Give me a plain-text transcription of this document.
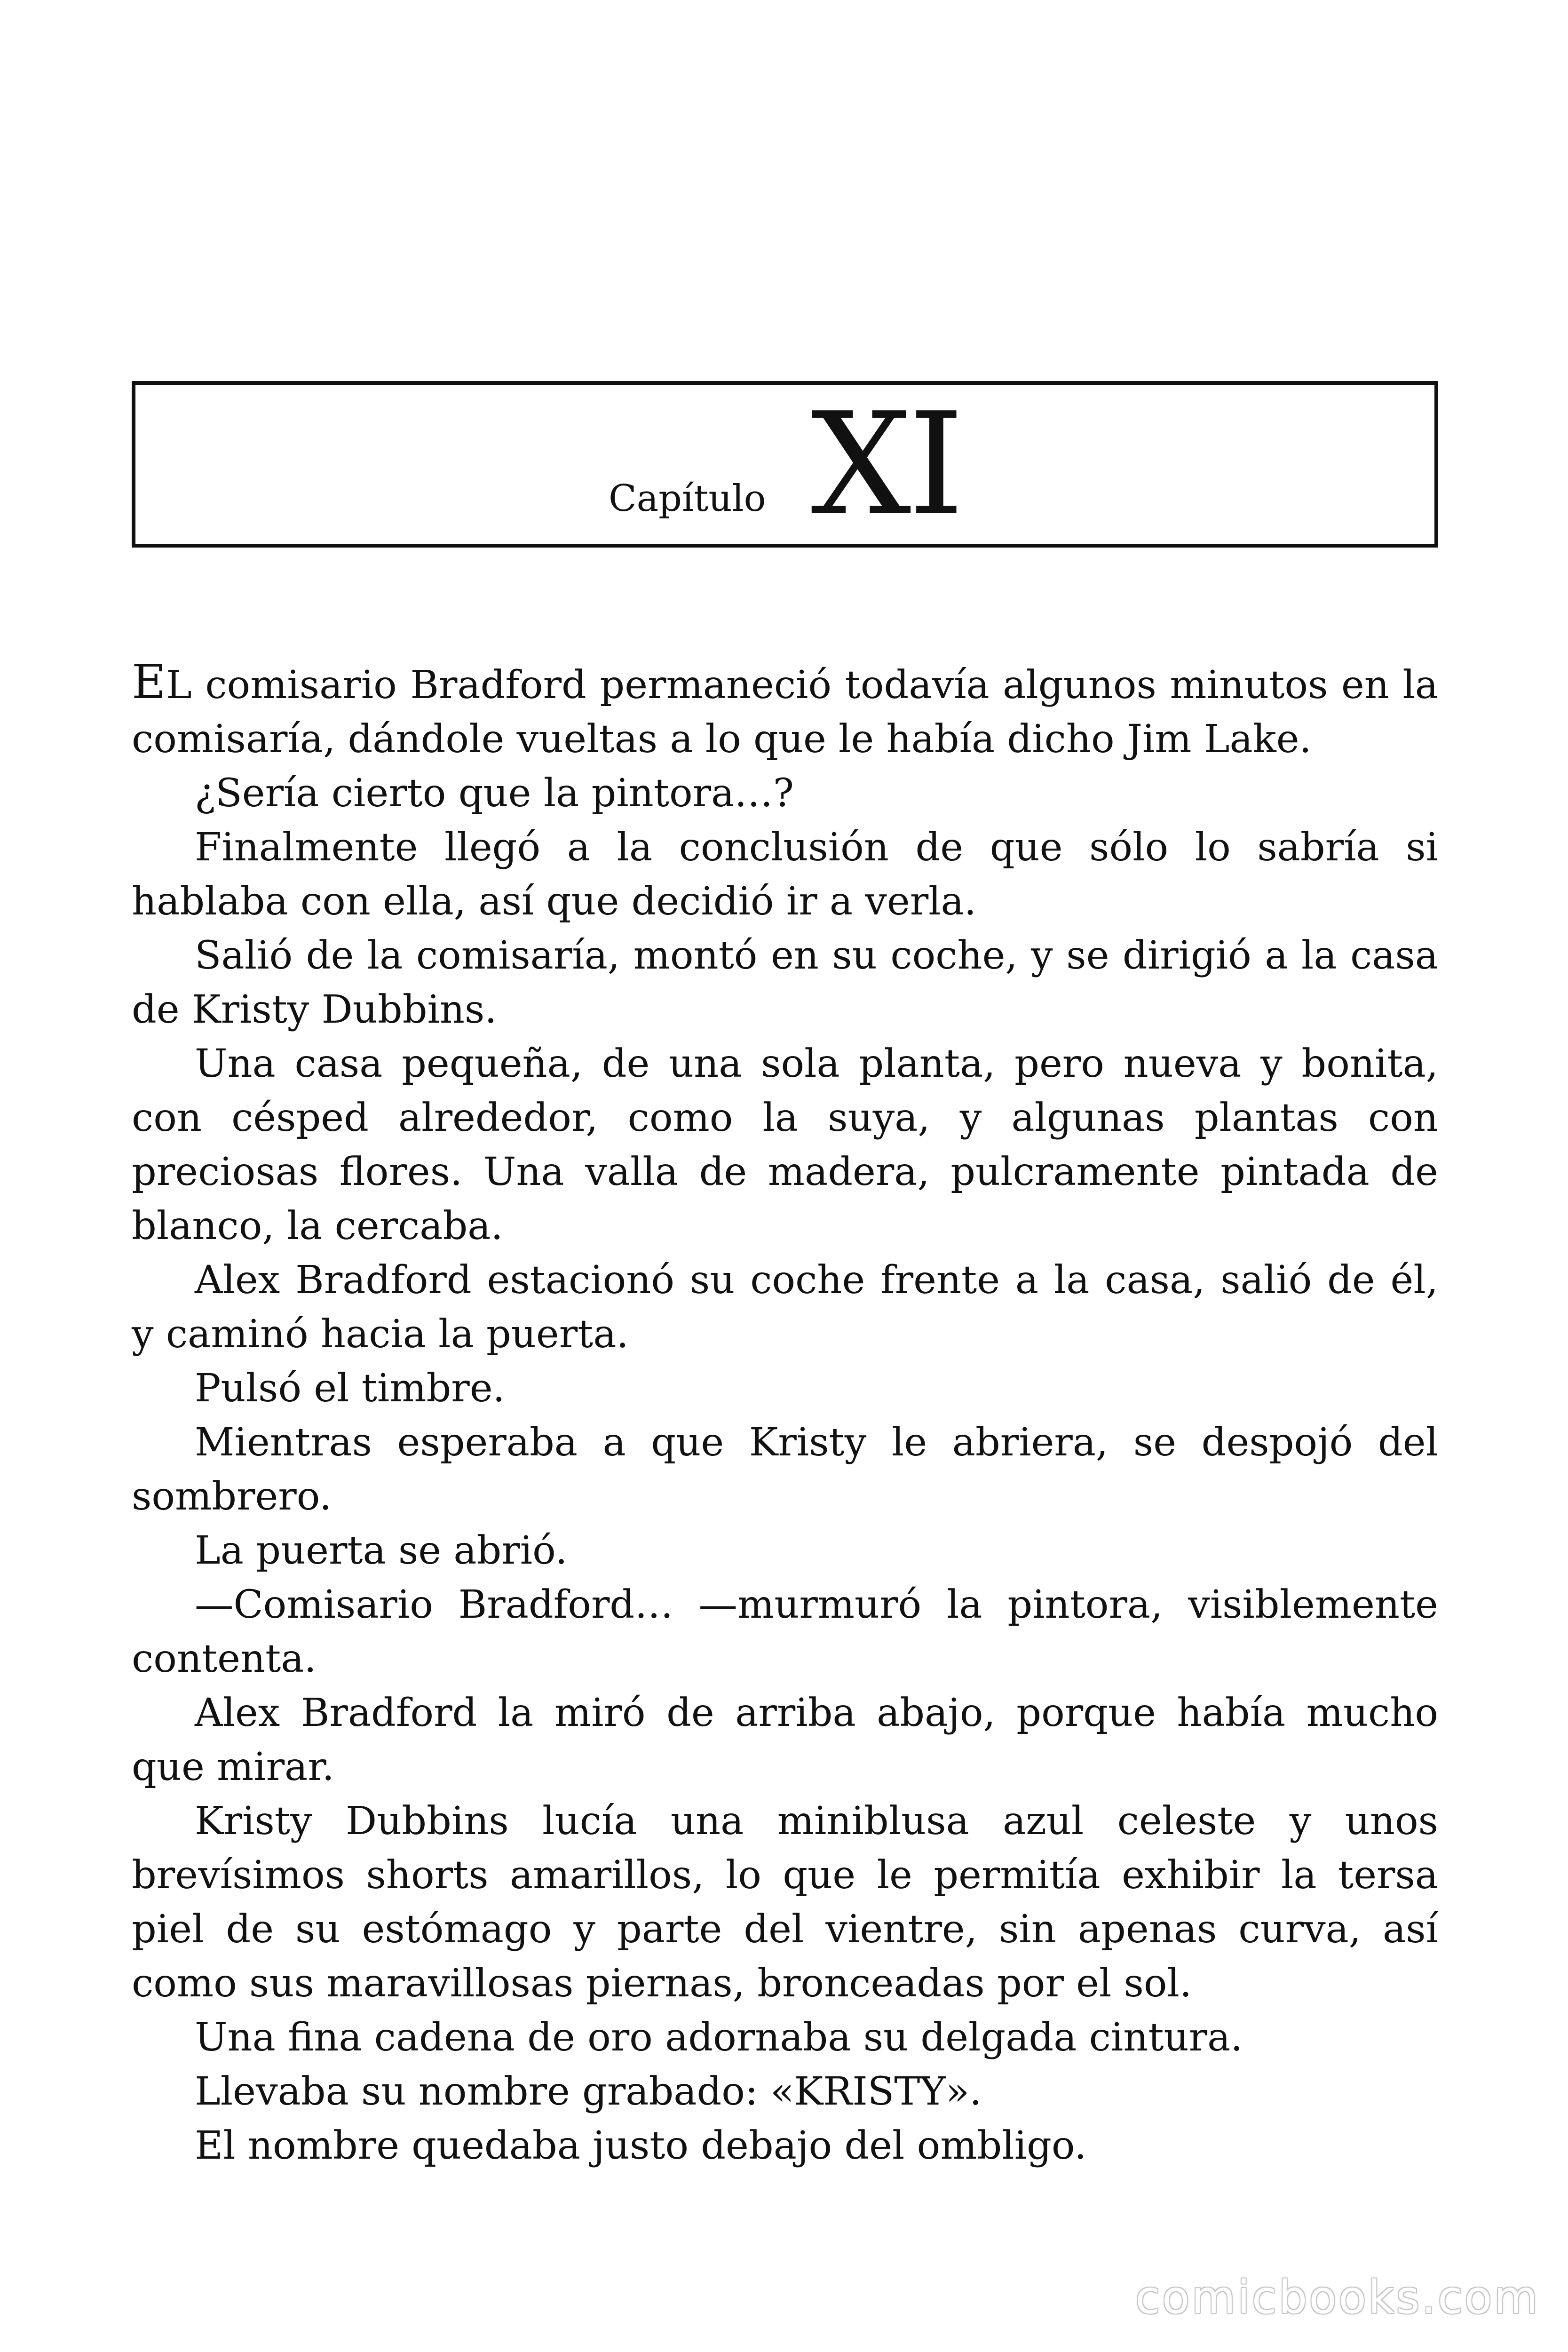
Capítulo XI

EL comisario Bradford permaneció todavía algunos minutos en la comisaría, dándole vueltas a lo que le había dicho Jim Lake.

¿Sería cierto que la pintora…?

Finalmente llegó a la conclusión de que sólo lo sabría si hablaba con ella, así que decidió ir a verla.

Salió de la comisaría, montó en su coche, y se dirigió a la casa de Kristy Dubbins.

Una casa pequeña, de una sola planta, pero nueva y bonita, con césped alrededor, como la suya, y algunas plantas con preciosas flores. Una valla de madera, pulcramente pintada de blanco, la cercaba.

Alex Bradford estacionó su coche frente a la casa, salió de él, y caminó hacia la puerta.

Pulsó el timbre.

Mientras esperaba a que Kristy le abriera, se despojó del sombrero.

La puerta se abrió.

—Comisario Bradford… —murmuró la pintora, visiblemente contenta.

Alex Bradford la miró de arriba abajo, porque había mucho que mirar.

Kristy Dubbins lucía una miniblusa azul celeste y unos brevísimos shorts amarillos, lo que le permitía exhibir la tersa piel de su estómago y parte del vientre, sin apenas curva, así como sus maravillosas piernas, bronceadas por el sol.

Una fina cadena de oro adornaba su delgada cintura.

Llevaba su nombre grabado: «KRISTY».

El nombre quedaba justo debajo del ombligo.

comicbooks.com
